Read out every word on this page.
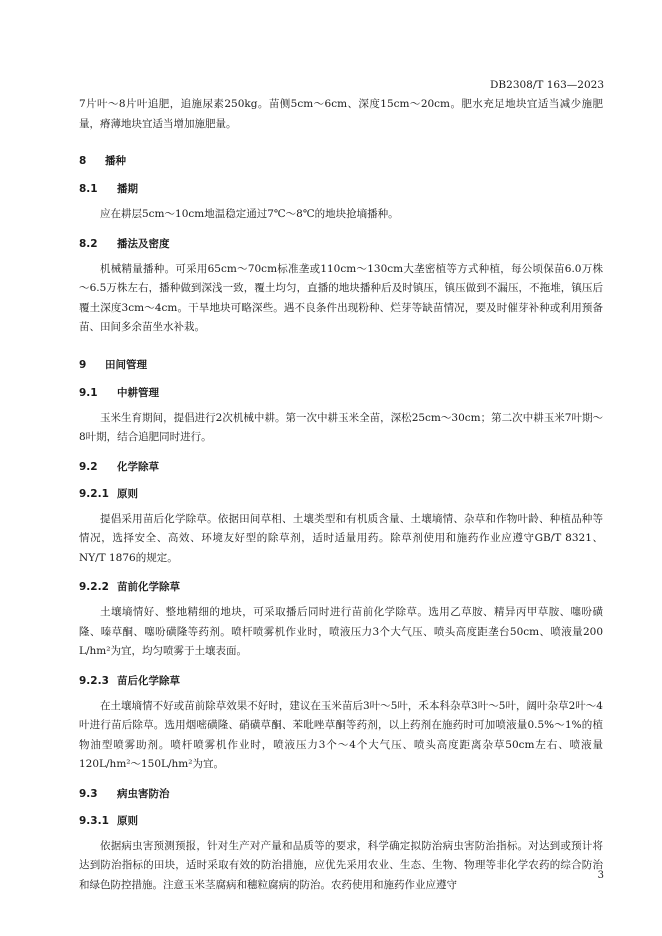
DB2308/T 163—2023

7片叶～8片叶追肥，追施尿素250kg。苗侧5cm～6cm、深度15cm～20cm。肥水充足地块宜适当减少施肥量，瘠薄地块宜适当增加施肥量。

8 播种
8.1 播期

应在耕层5cm～10cm地温稳定通过7℃～8℃的地块抢墒播种。

8.2 播法及密度

机械精量播种。可采用65cm～70cm标准垄或110cm～130cm大垄密植等方式种植，每公顷保苗6.0万株～6.5万株左右，播种做到深浅一致，覆土均匀，直播的地块播种后及时镇压，镇压做到不漏压，不拖堆，镇压后覆土深度3cm～4cm。干旱地块可略深些。遇不良条件出现粉种、烂芽等缺苗情况，要及时催芽补种或利用预备苗、田间多余苗坐水补栽。

9 田间管理
9.1 中耕管理

玉米生育期间，提倡进行2次机械中耕。第一次中耕玉米全苗，深松25cm～30cm；第二次中耕玉米7叶期～8叶期，结合追肥同时进行。

9.2 化学除草
9.2.1 原则

提倡采用苗后化学除草。依据田间草相、土壤类型和有机质含量、土壤墒情、杂草和作物叶龄、种植品种等情况，选择安全、高效、环境友好型的除草剂，适时适量用药。除草剂使用和施药作业应遵守GB/T 8321、NY/T 1876的规定。

9.2.2 苗前化学除草

土壤墒情好、整地精细的地块，可采取播后同时进行苗前化学除草。选用乙草胺、精异丙甲草胺、噻吩磺隆、嗪草酮、噻吩磺隆等药剂。喷杆喷雾机作业时，喷液压力3个大气压、喷头高度距垄台50cm、喷液量200 L/hm²为宜，均匀喷雾于土壤表面。

9.2.3 苗后化学除草

在土壤墒情不好或苗前除草效果不好时，建议在玉米苗后3叶～5叶，禾本科杂草3叶～5叶，阔叶杂草2叶～4叶进行苗后除草。选用烟嘧磺隆、硝磺草酮、苯吡唑草酮等药剂，以上药剂在施药时可加喷液量0.5%～1%的植物油型喷雾助剂。喷杆喷雾机作业时，喷液压力3个～4个大气压、喷头高度距离杂草50cm左右、喷液量120L/hm²～150L/hm²为宜。

9.3 病虫害防治
9.3.1 原则

依据病虫害预测预报，针对生产对产量和品质等的要求，科学确定拟防治病虫害防治指标。对达到或预计将达到防治指标的田块，适时采取有效的防治措施，应优先采用农业、生态、生物、物理等非化学农药的综合防治和绿色防控措施。注意玉米茎腐病和穗粒腐病的防治。农药使用和施药作业应遵守

3
